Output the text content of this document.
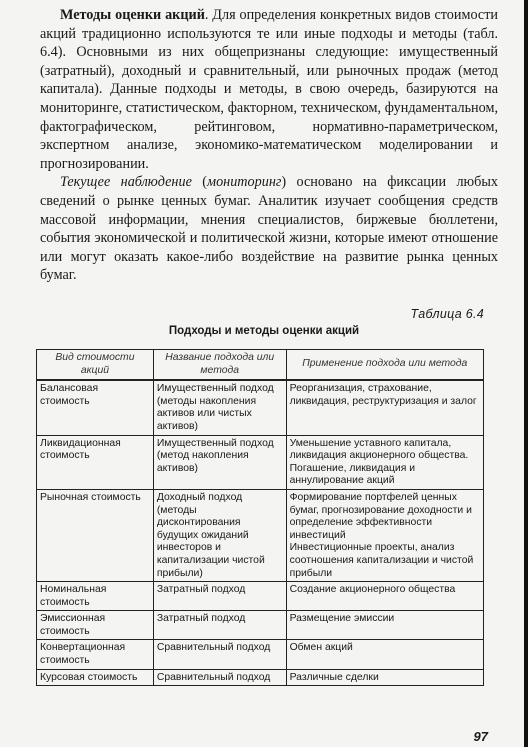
Методы оценки акций. Для определения конкретных видов стоимости акций традиционно используются те или иные подходы и методы (табл. 6.4). Основными из них общепризнаны следующие: имущественный (затратный), доходный и сравнительный, или рыночных продаж (метод капитала). Данные подходы и методы, в свою очередь, базируются на мониторинге, статистическом, факторном, техническом, фундаментальном, фактографическом, рейтинговом, нормативно-параметрическом, экспертном анализе, экономико-математическом моделировании и прогнозировании.

Текущее наблюдение (мониторинг) основано на фиксации любых сведений о рынке ценных бумаг. Аналитик изучает сообщения средств массовой информации, мнения специалистов, биржевые бюллетени, события экономической и политической жизни, которые имеют отношение или могут оказать какое-либо воздействие на развитие рынка ценных бумаг.

Таблица 6.4
Подходы и методы оценки акций
Вид стоимости акций	Название подхода или метода	Применение подхода или метода
Балансовая стоимость	Имущественный подход (методы накопления активов или чистых активов)	Реорганизация, страхование, ликвидация, реструктуризация и залог

Ликвидационная стоимость	Имущественный подход (метод накопления активов)	Уменьшение уставного капитала, ликвидация акционерного общества.
Погашение, ликвидация и аннулирование акций

Рыночная стоимость	Доходный подход (методы дисконтирования будущих ожиданий инвесторов и капитализации чистой прибыли)	Формирование портфелей ценных бумаг, прогнозирование доходности и определение эффективности инвестиций
Инвестиционные проекты, анализ соотношения капитализации и чистой прибыли

Номинальная стоимость	Затратный подход	Создание акционерного общества

Эмиссионная стоимость	Затратный подход	Размещение эмиссии

Конвертационная стоимость	Сравнительный подход	Обмен акций

Курсовая стоимость	Сравнительный подход	Различные сделки
97
